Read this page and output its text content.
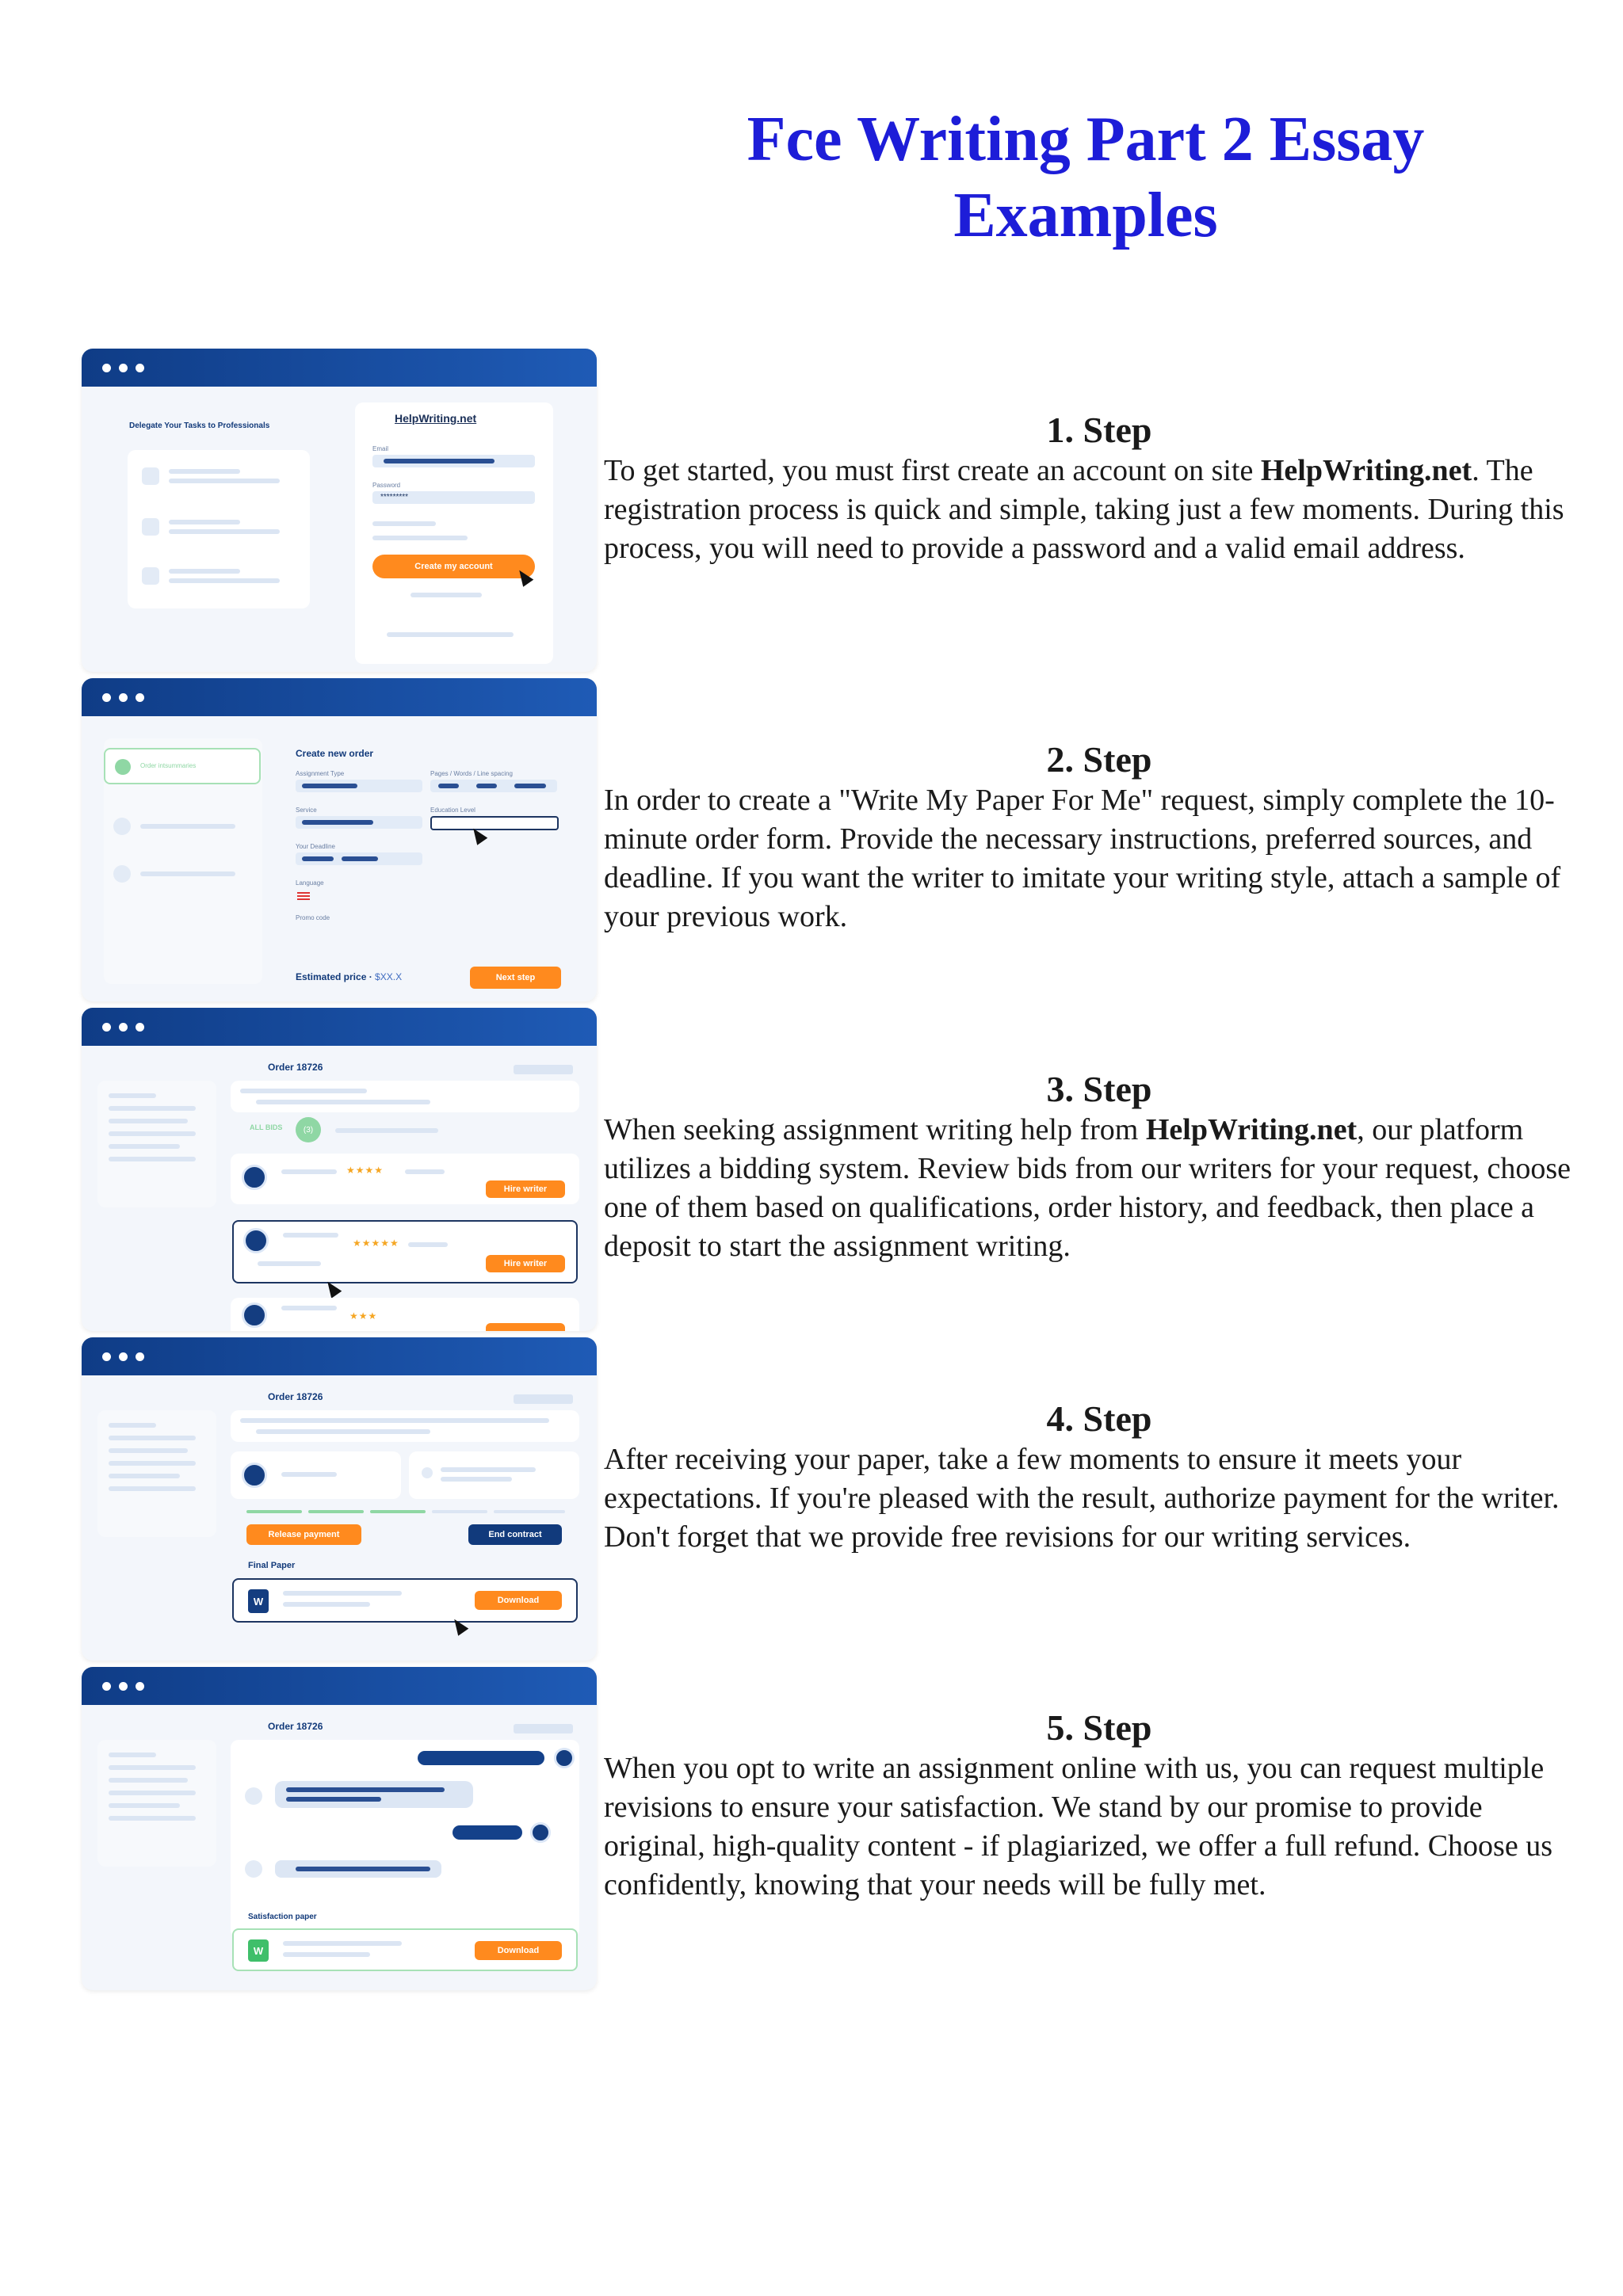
Fce Writing Part 2 Essay Examples
Delegate Your Tasks to Professionals
HelpWriting.net
Email
Password
*********
Create my account
Order intsummaries
Create new order
Assignment Type	Pages / Words / Line spacing
Service	Education Level
Your Deadline
Language
Promo code
Estimated price · $XX.X	Next step
Order 18726
ALL BIDS	(3)
★★★★
Hire writer
★★★★★
Hire writer
★★★
Order 18726
Release payment	End contract
Final Paper
W	Download
Order 18726
Satisfaction paper
W	Download
1. Step

To get started, you must first create an account on site HelpWriting.net. The registration process is quick and simple, taking just a few moments. During this process, you will need to provide a password and a valid email address.

2. Step

In order to create a "Write My Paper For Me" request, simply complete the 10-minute order form. Provide the necessary instructions, preferred sources, and deadline. If you want the writer to imitate your writing style, attach a sample of your previous work.

3. Step

When seeking assignment writing help from HelpWriting.net, our platform utilizes a bidding system. Review bids from our writers for your request, choose one of them based on qualifications, order history, and feedback, then place a deposit to start the assignment writing.

4. Step

After receiving your paper, take a few moments to ensure it meets your expectations. If you're pleased with the result, authorize payment for the writer. Don't forget that we provide free revisions for our writing services.

5. Step

When you opt to write an assignment online with us, you can request multiple revisions to ensure your satisfaction. We stand by our promise to provide original, high-quality content - if plagiarized, we offer a full refund. Choose us confidently, knowing that your needs will be fully met.
